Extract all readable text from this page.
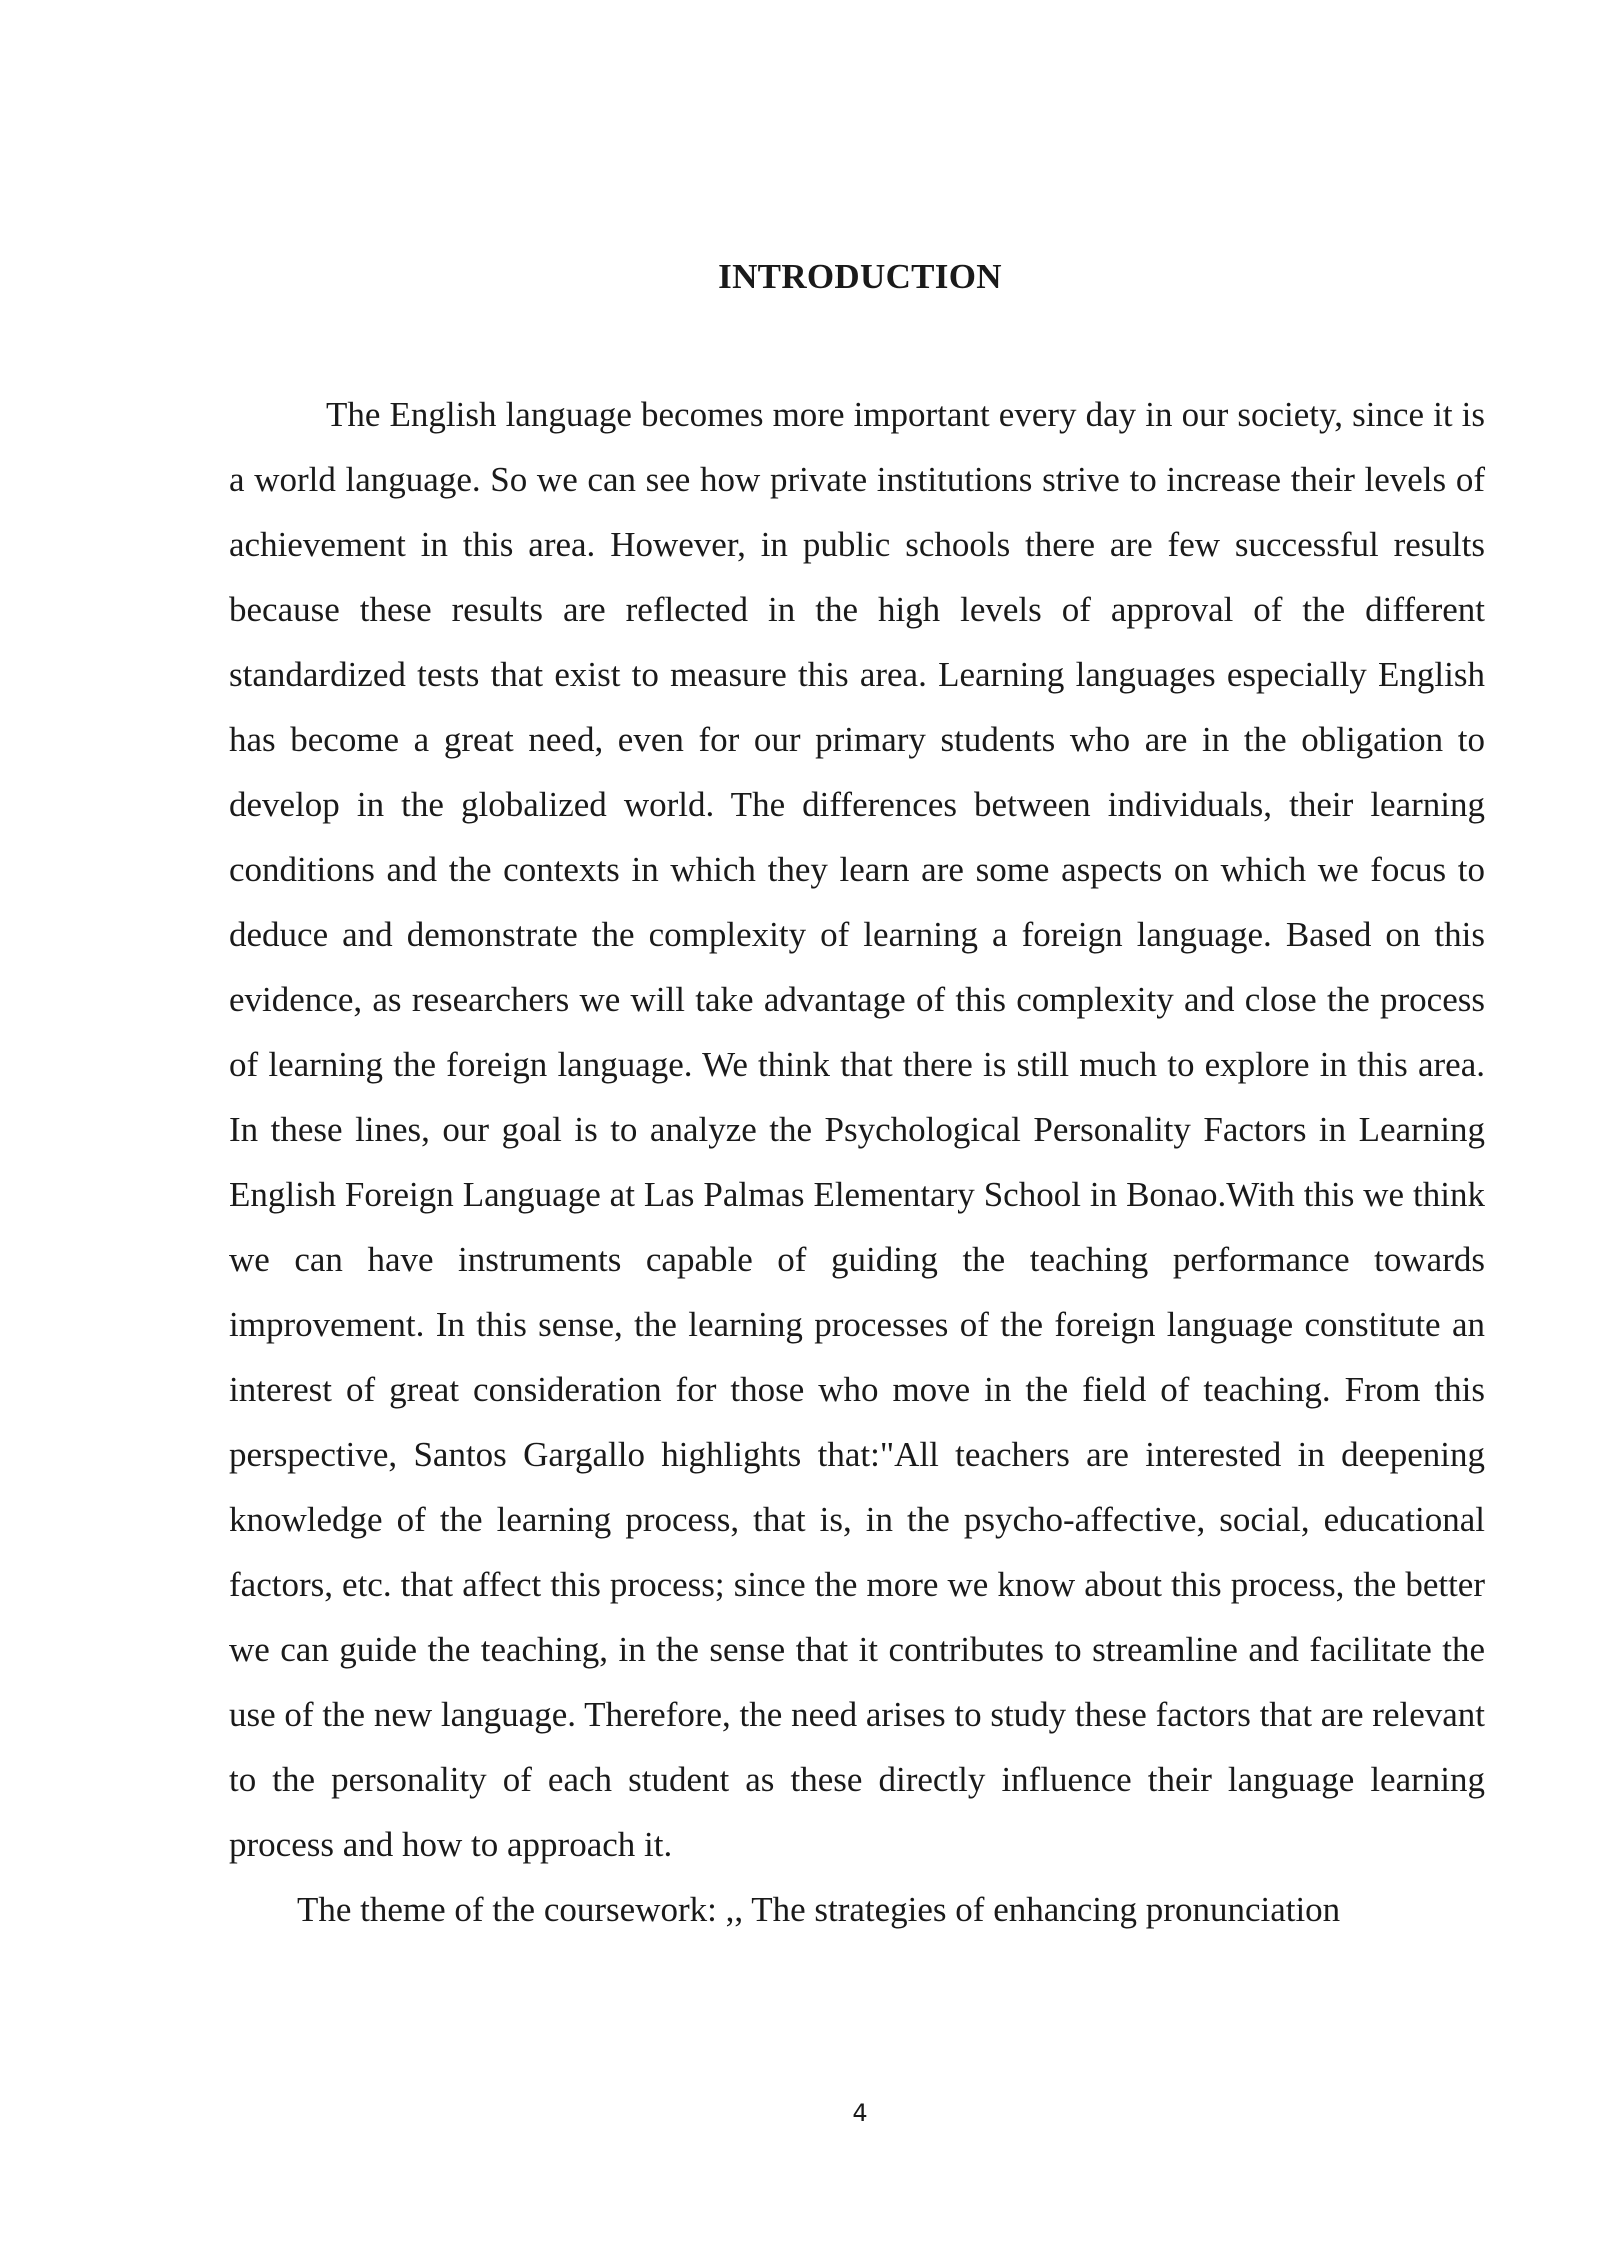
INTRODUCTION

The English language becomes more important every day in our society, since it is a world language. So we can see how private institutions strive to increase their levels of achievement in this area. However, in public schools there are few successful results because these results are reflected in the high levels of approval of the different standardized tests that exist to measure this area. Learning languages especially English has become a great need, even for our primary students who are in the obligation to develop in the globalized world. The differences between individuals, their learning conditions and the contexts in which they learn are some aspects on which we focus to deduce and demonstrate the complexity of learning a foreign language. Based on this evidence, as researchers we will take advantage of this complexity and close the process of learning the foreign language. We think that there is still much to explore in this area. In these lines, our goal is to analyze the Psychological Personality Factors in Learning English Foreign Language at Las Palmas Elementary School in Bonao.With this we think we can have instruments capable of guiding the teaching performance towards improvement. In this sense, the learning processes of the foreign language constitute an interest of great consideration for those who move in the field of teaching. From this perspective, Santos Gargallo highlights that:"All teachers are interested in deepening knowledge of the learning process, that is, in the psycho-affective, social, educational factors, etc. that affect this process; since the more we know about this process, the better we can guide the teaching, in the sense that it contributes to streamline and facilitate the use of the new language. Therefore, the need arises to study these factors that are relevant to the personality of each student as these directly influence their language learning process and how to approach it.

The theme of the coursework: ,, The strategies of enhancing pronunciation

4
